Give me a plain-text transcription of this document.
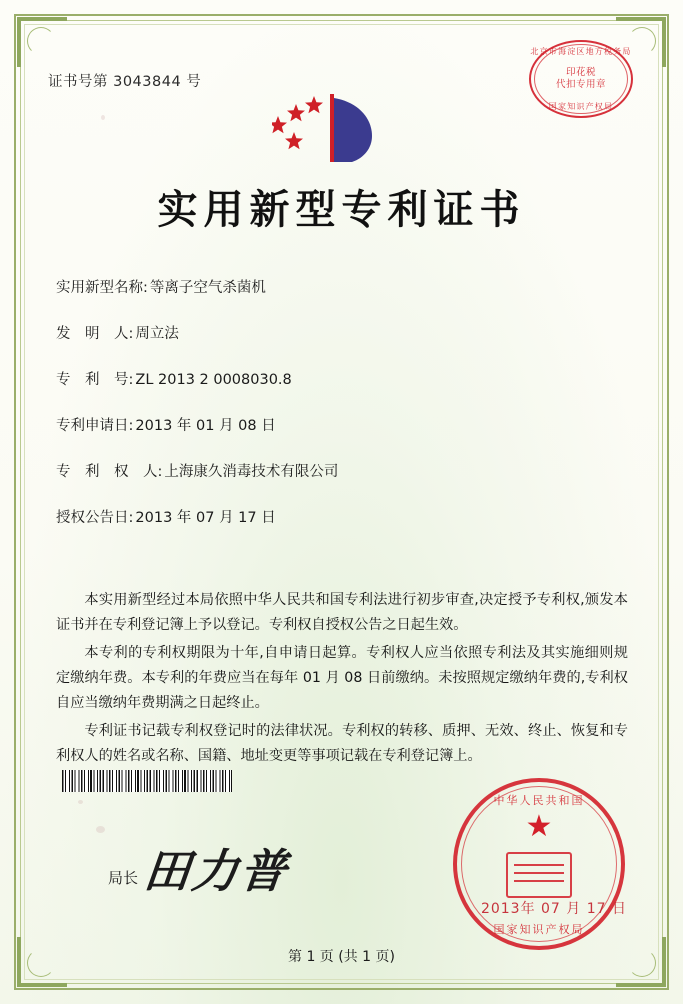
证书号第 3043844 号
北京市海淀区地方税务局
印花税
代扣专用章
国家知识产权局
实用新型专利证书
实用新型名称: 等离子空气杀菌机
发　明　人: 周立法
专　利　号: ZL 2013 2 0008030.8
专利申请日: 2013 年 01 月 08 日
专　利　权　人: 上海康久消毒技术有限公司
授权公告日: 2013 年 07 月 17 日

本实用新型经过本局依照中华人民共和国专利法进行初步审查,决定授予专利权,颁发本证书并在专利登记簿上予以登记。专利权自授权公告之日起生效。

本专利的专利权期限为十年,自申请日起算。专利权人应当依照专利法及其实施细则规定缴纳年费。本专利的年费应当在每年 01 月 08 日前缴纳。未按照规定缴纳年费的,专利权自应当缴纳年费期满之日起终止。

专利证书记载专利权登记时的法律状况。专利权的转移、质押、无效、终止、恢复和专利权人的姓名或名称、国籍、地址变更等事项记载在专利登记簿上。

局长 田力普
中华人民共和国
★
国家知识产权局
2013年 07 月 17 日
第 1 页 (共 1 页)
